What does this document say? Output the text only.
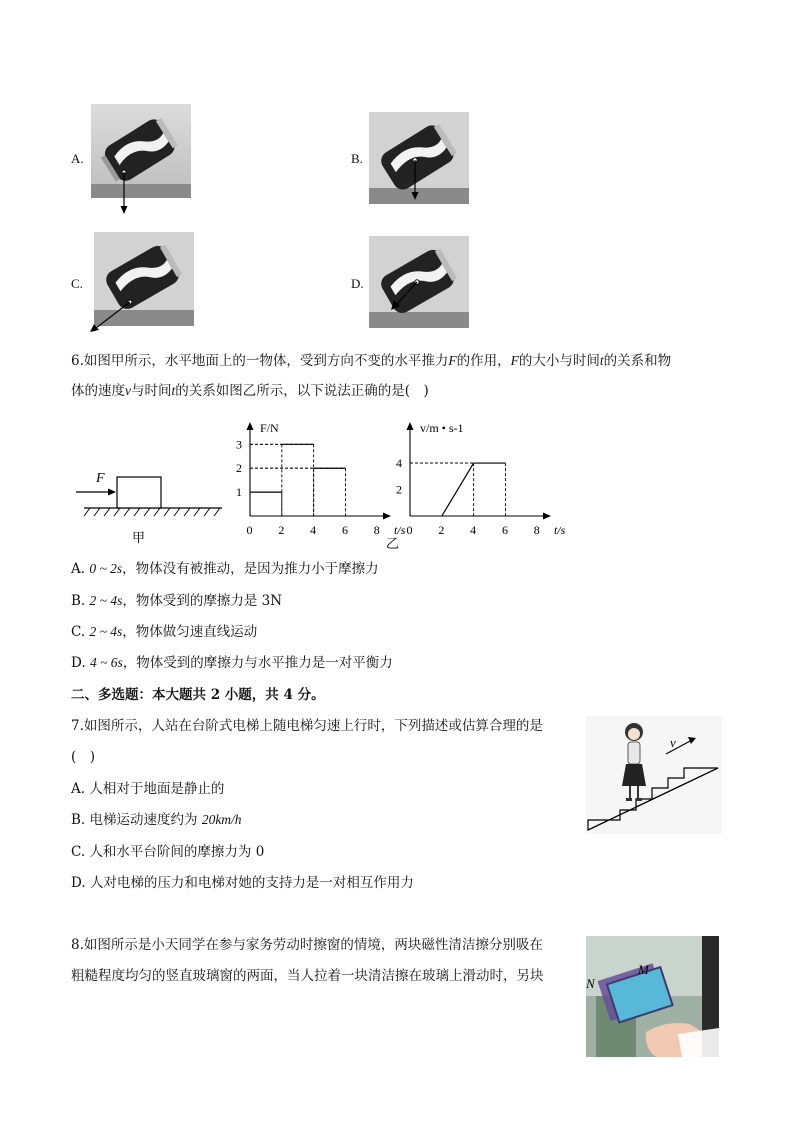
A.	B.
C.	D.
6.如图甲所示，水平地面上的一物体，受到方向不变的水平推力F的作用，F的大小与时间t的关系和物
体的速度v与时间t的关系如图乙所示，以下说法正确的是(　)
F
甲	0 2 4 6 8
1
2
3
F/N
t/s 0 2 4 6 8
2
4
v/m • s-1
t/s
乙
A. 0 ~ 2s，物体没有被推动，是因为推力小于摩擦力
B. 2 ~ 4s，物体受到的摩擦力是 3N
C. 2 ~ 4s，物体做匀速直线运动
D. 4 ~ 6s，物体受到的摩擦力与水平推力是一对平衡力
二、多选题：本大题共 2 小题，共 4 分。
7.如图所示，人站在台阶式电梯上随电梯匀速上行时，下列描述或估算合理的是
(　)
A. 人相对于地面是静止的
B. 电梯运动速度约为 20km/h
C. 人和水平台阶间的摩擦力为 0
D. 人对电梯的压力和电梯对她的支持力是一对相互作用力
v
8.如图所示是小天同学在参与家务劳动时擦窗的情境，两块磁性清洁擦分别吸在
粗糙程度均匀的竖直玻璃窗的两面，当人拉着一块清洁擦在玻璃上滑动时，另块	N
M
